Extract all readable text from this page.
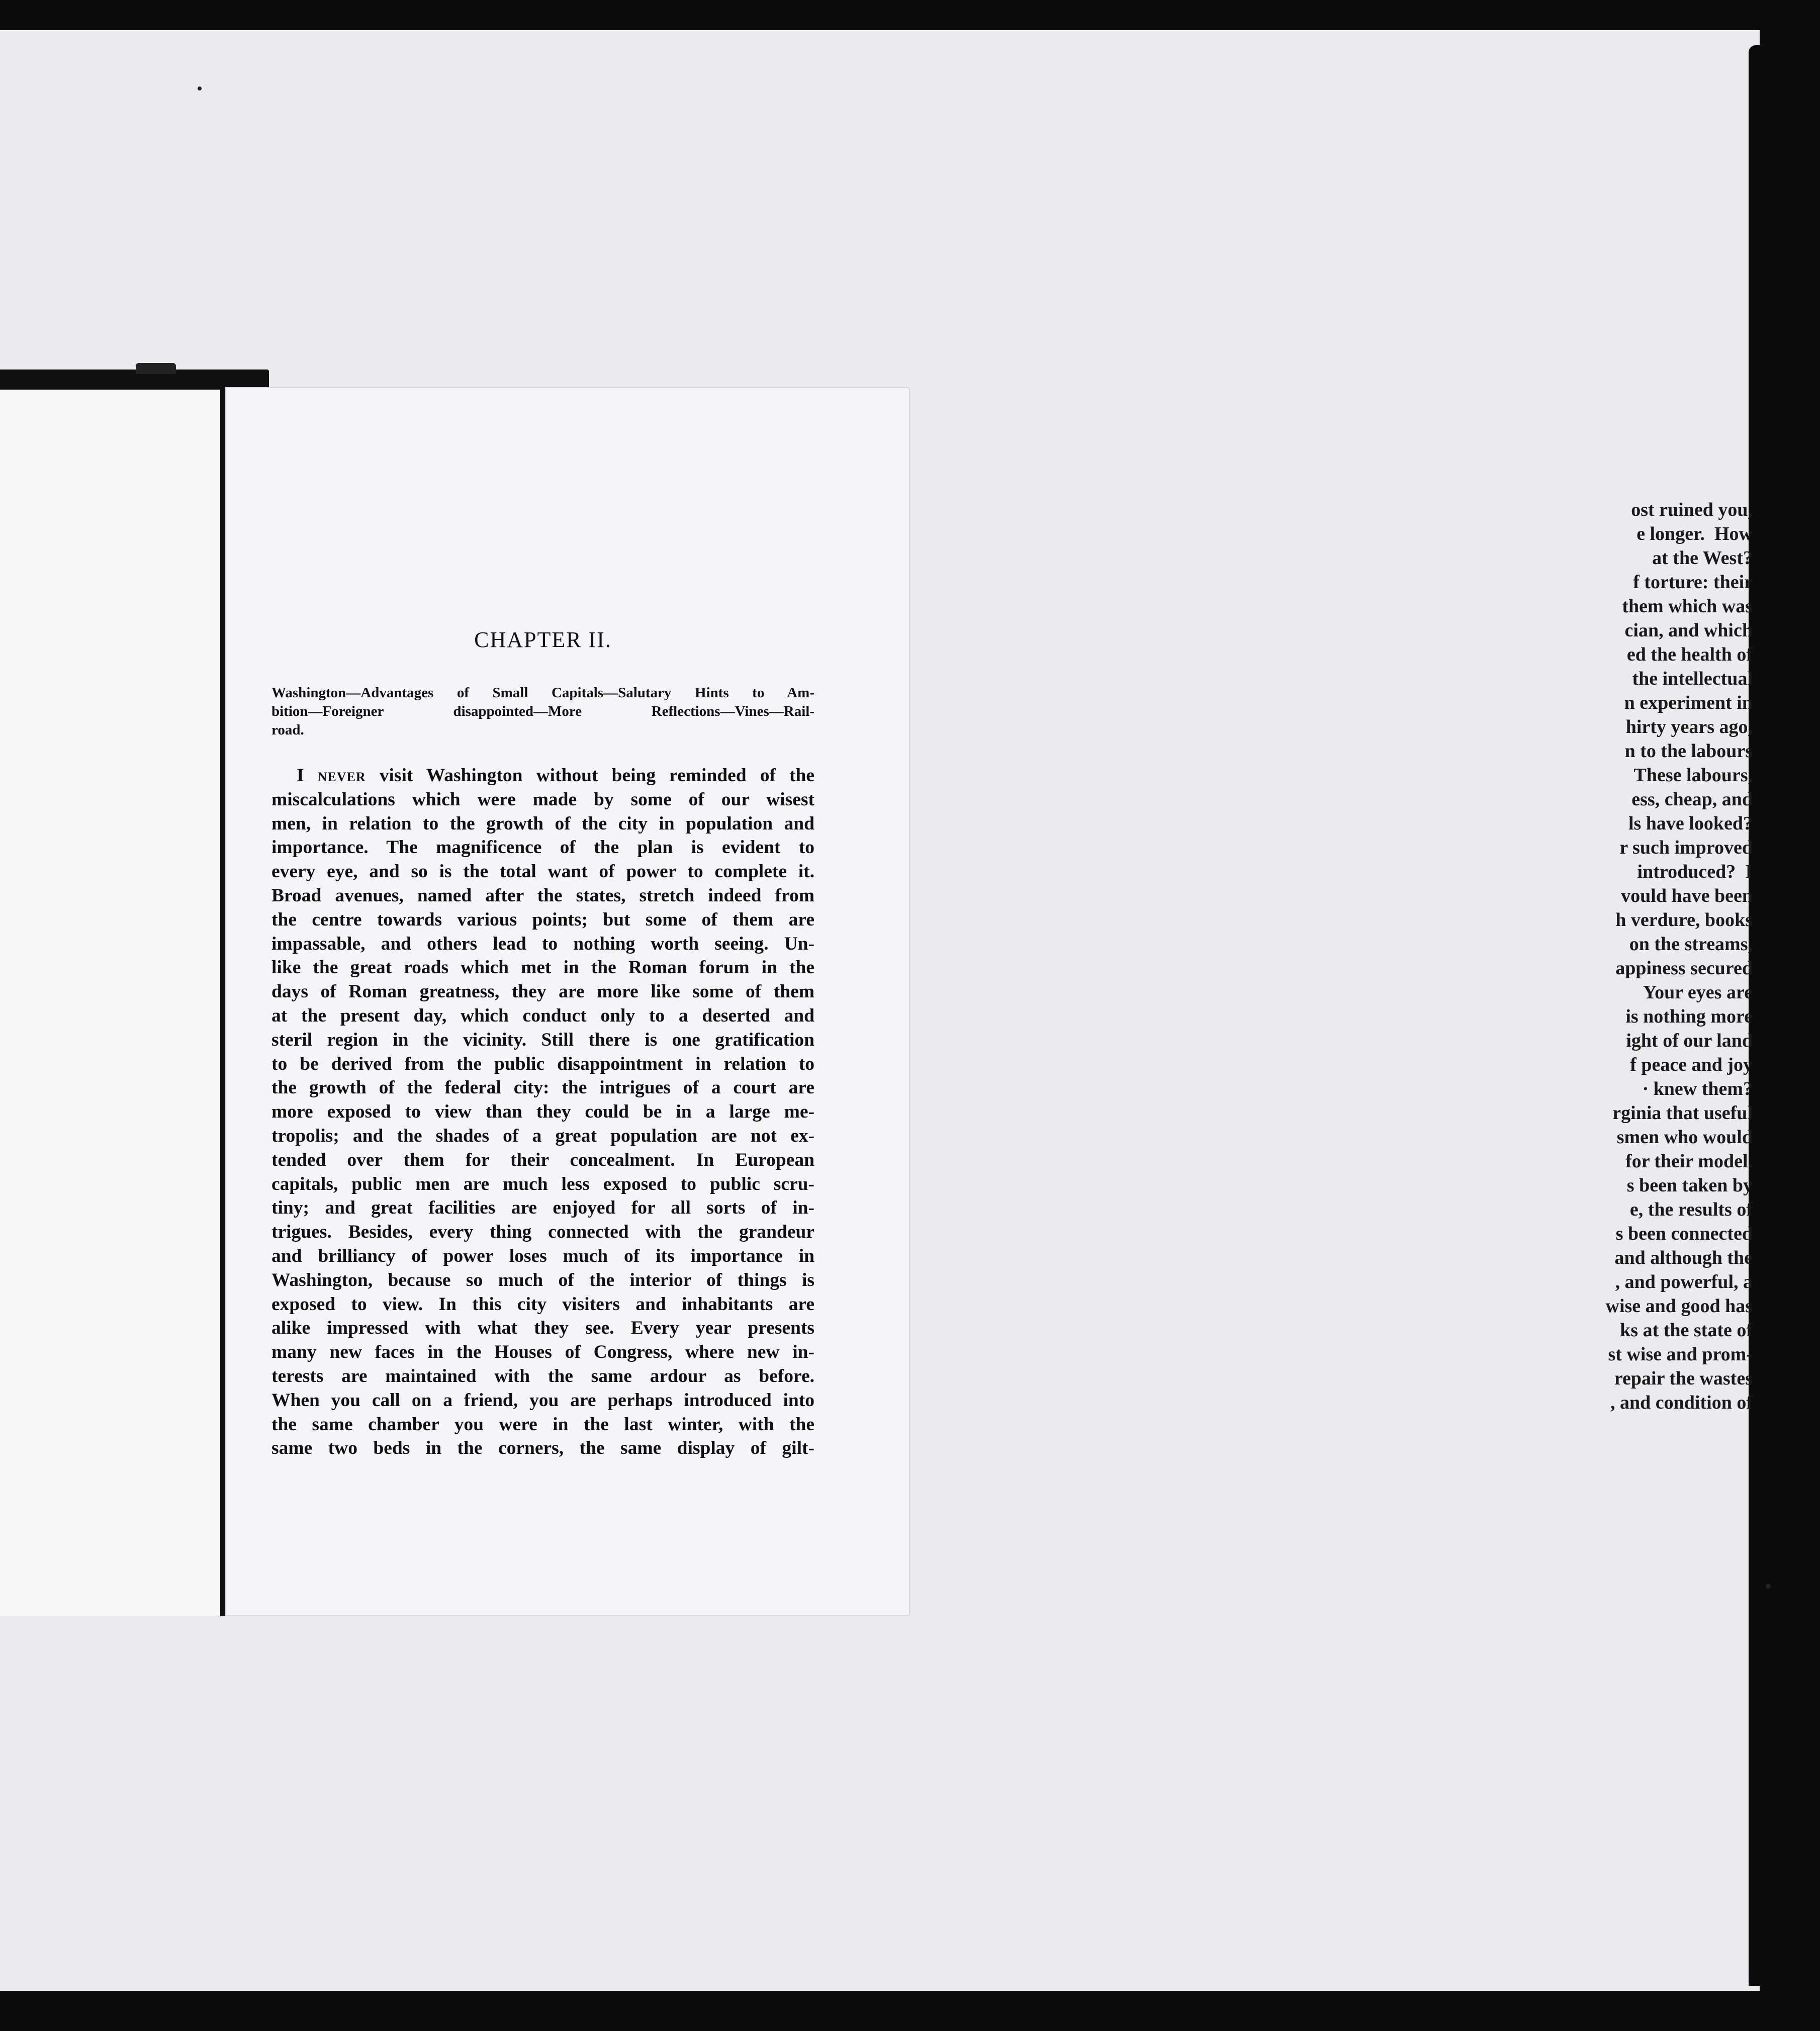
ost ruined you,
e longer.  How
at the West?
f torture: their
them which was
cian, and which
ed the health of
the intellectual
n experiment in
hirty years ago,
n to the labours
These labours,
ess, cheap, and
ls have looked?
r such improved
introduced?  I
vould have been
h verdure, books
on the streams,
appiness secured
Your eyes are
is nothing more
ight of our land
f peace and joy
· knew them?
rginia that useful
smen who would
for their model.
s been taken by
e, the results of
s been connected
and although the
, and powerful, a
wise and good has
ks at the state of
st wise and prom-
repair the wastes
, and condition of
CHAPTER II.

Washington—Advantages of Small Capitals—Salutary Hints to Am-
bition—Foreigner disappointed—More Reflections—Vines—Rail-
road.

I never visit Washington without being reminded of the
miscalculations which were made by some of our wisest
men, in relation to the growth of the city in population and
importance. The magnificence of the plan is evident to
every eye, and so is the total want of power to complete it.
Broad avenues, named after the states, stretch indeed from
the centre towards various points; but some of them are
impassable, and others lead to nothing worth seeing. Un-
like the great roads which met in the Roman forum in the
days of Roman greatness, they are more like some of them
at the present day, which conduct only to a deserted and
steril region in the vicinity. Still there is one gratification
to be derived from the public disappointment in relation to
the growth of the federal city: the intrigues of a court are
more exposed to view than they could be in a large me-
tropolis; and the shades of a great population are not ex-
tended over them for their concealment. In European
capitals, public men are much less exposed to public scru-
tiny; and great facilities are enjoyed for all sorts of in-
trigues. Besides, every thing connected with the grandeur
and brilliancy of power loses much of its importance in
Washington, because so much of the interior of things is
exposed to view. In this city visiters and inhabitants are
alike impressed with what they see. Every year presents
many new faces in the Houses of Congress, where new in-
terests are maintained with the same ardour as before.
When you call on a friend, you are perhaps introduced into
the same chamber you were in the last winter, with the
same two beds in the corners, the same display of gilt-
